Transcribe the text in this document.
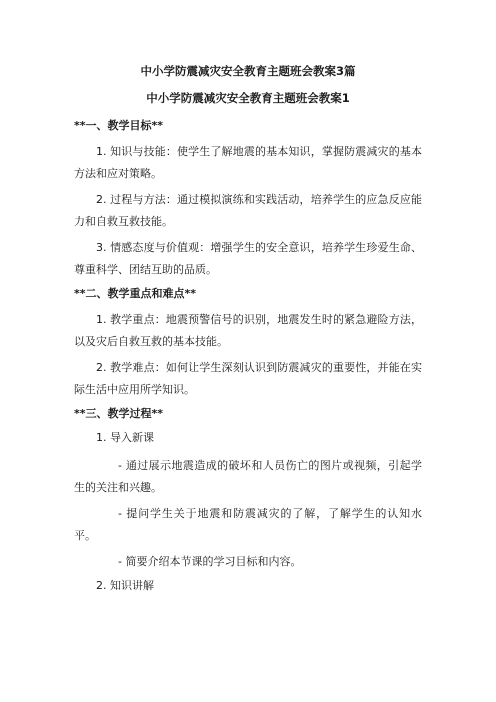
中小学防震减灾安全教育主题班会教案3篇

中小学防震减灾安全教育主题班会教案1

**一、教学目标**

1. 知识与技能：使学生了解地震的基本知识，掌握防震减灾的基本方法和应对策略。

2. 过程与方法：通过模拟演练和实践活动，培养学生的应急反应能力和自救互救技能。

3. 情感态度与价值观：增强学生的安全意识，培养学生珍爱生命、尊重科学、团结互助的品质。

**二、教学重点和难点**

1. 教学重点：地震预警信号的识别，地震发生时的紧急避险方法，以及灾后自救互救的基本技能。

2. 教学难点：如何让学生深刻认识到防震减灾的重要性，并能在实际生活中应用所学知识。

**三、教学过程**

1. 导入新课

- 通过展示地震造成的破坏和人员伤亡的图片或视频，引起学生的关注和兴趣。

- 提问学生关于地震和防震减灾的了解，了解学生的认知水平。

- 简要介绍本节课的学习目标和内容。

2. 知识讲解
